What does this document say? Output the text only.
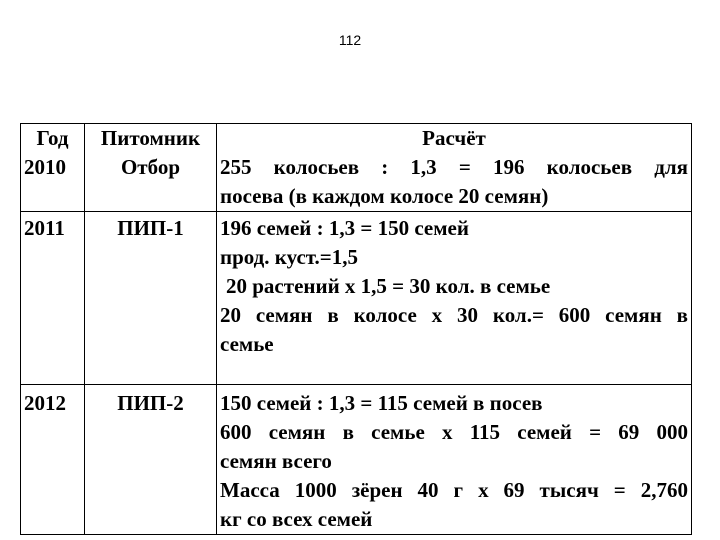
112
Год	Питомник	Расчёт
2010	Отбор	255 колосьев : 1,3 = 196 колосьев для
посева (в каждом колосе 20 семян)

2011	ПИП-1	196 семей : 1,3 = 150 семей
прод. куст.=1,5
20 растений х 1,5 = 30 кол. в семье
20 семян в колосе х 30 кол.= 600 семян в
семье

2012	ПИП-2	150 семей : 1,3 = 115 семей в посев
600 семян в семье х 115 семей = 69 000
семян всего
Масса 1000 зёрен 40 г х 69 тысяч = 2,760
кг со всех семей
